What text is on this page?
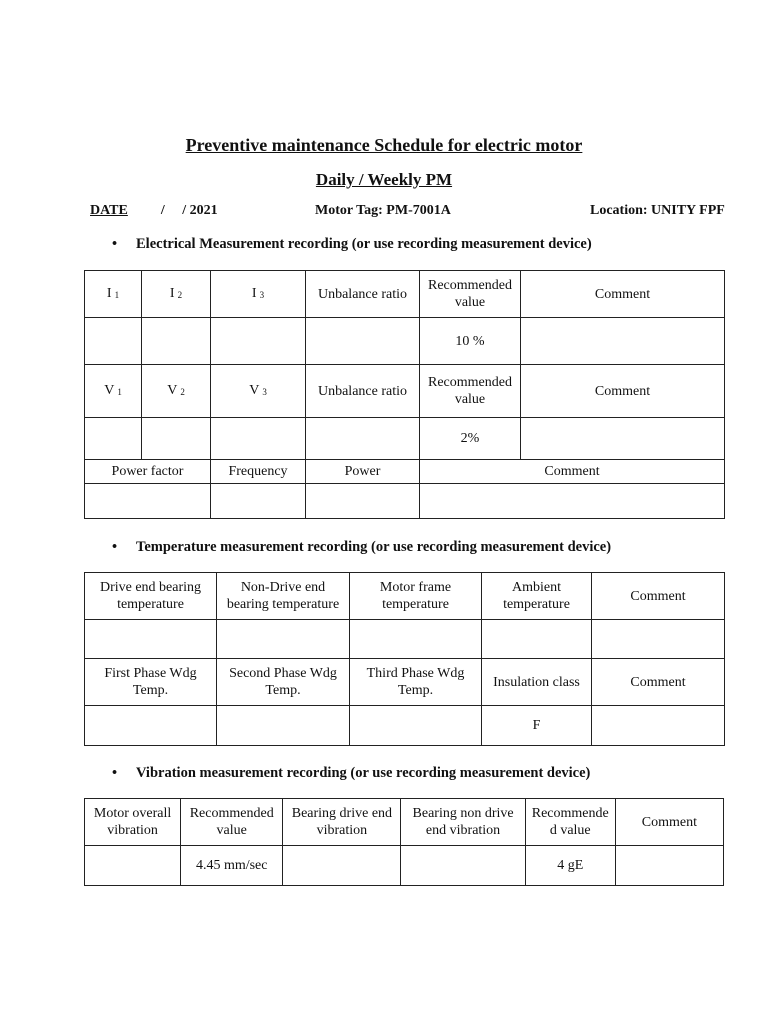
Preventive maintenance Schedule for electric motor
Daily / Weekly PM
DATE /     / 2021	Motor Tag: PM-7001A	Location: UNITY FPF
• Electrical Measurement recording (or use recording measurement device)
I $_1$	I $_2$	I $_3$	Unbalance ratio	Recommended value	Comment
				10 %	
V $_1$	V $_2$	V $_3$	Unbalance ratio	Recommended value	Comment
				2%	
Power factor		Frequency	Power	Comment	

• Temperature measurement recording (or use recording measurement device)
Drive end bearing temperature	Non-Drive end bearing temperature	Motor frame temperature	Ambient temperature	Comment

First Phase Wdg Temp.	Second Phase Wdg Temp.	Third Phase Wdg Temp.	Insulation class	Comment
			F	
• Vibration measurement recording (or use recording measurement device)
Motor overall vibration	Recommended value	Bearing drive end vibration	Bearing non drive end vibration	Recommende d value	Comment
	4.45 mm/sec			4 gE	
